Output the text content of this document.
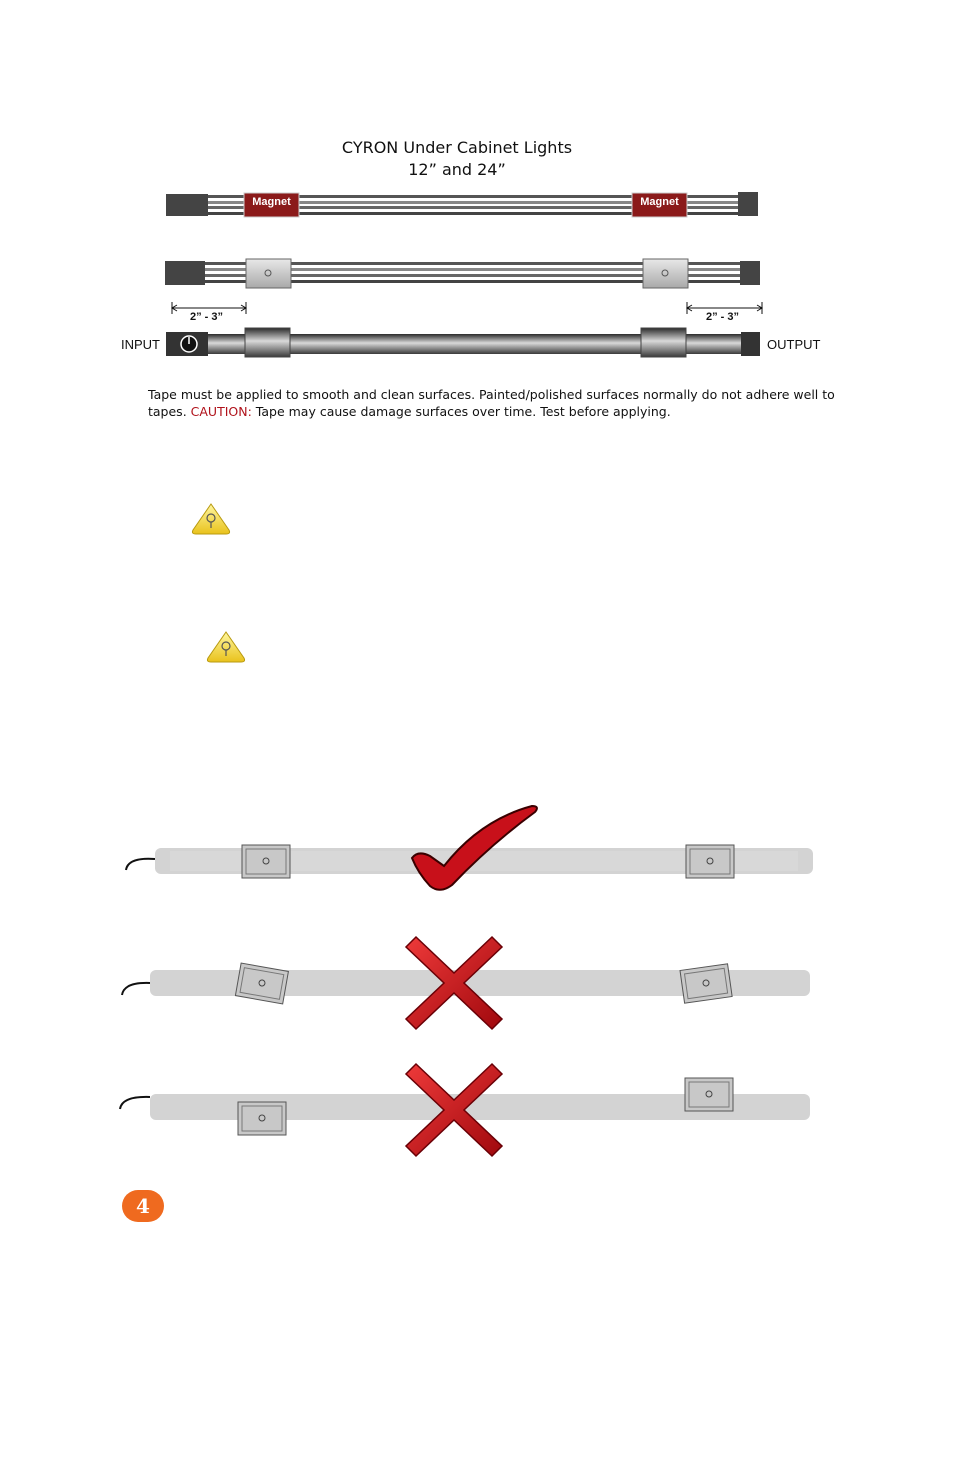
CYRON Under Cabinet Lights
12” and 24”
Magnet	Magnet
2” - 3”	2” - 3”
INPUT	OUTPUT
Tape must be applied to smooth and clean surfaces. Painted/polished surfaces normally do not adhere well to tapes. CAUTION: Tape may cause damage surfaces over time. Test before applying.
4
